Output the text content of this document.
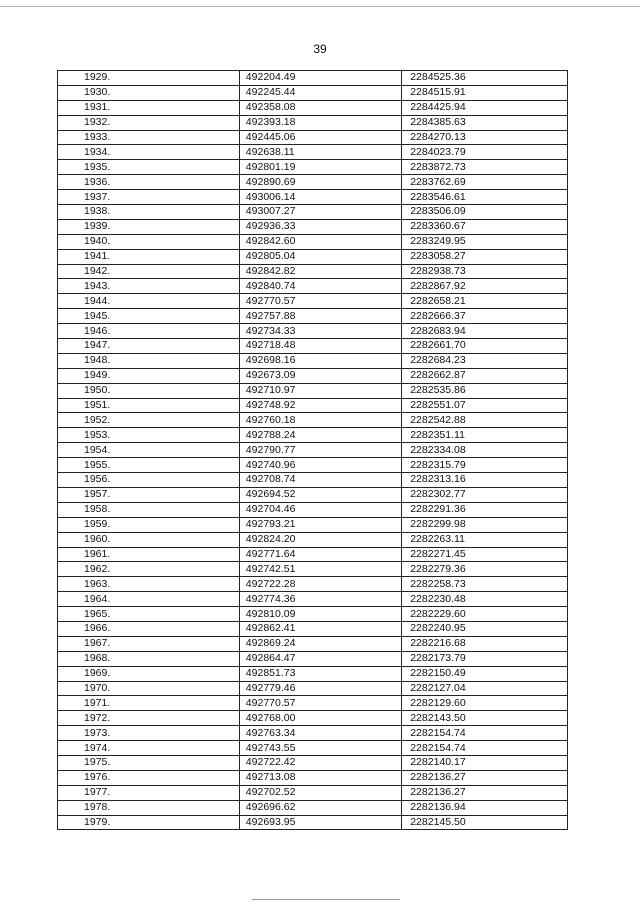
39
1929.	492204.49	2284525.36
1930.	492245.44	2284515.91
1931.	492358.08	2284425.94
1932.	492393.18	2284385.63
1933.	492445.06	2284270.13
1934.	492638.11	2284023.79
1935.	492801.19	2283872.73
1936.	492890.69	2283762.69
1937.	493006.14	2283546.61
1938.	493007.27	2283506.09
1939.	492936.33	2283360.67
1940.	492842.60	2283249.95
1941.	492805.04	2283058.27
1942.	492842.82	2282938.73
1943.	492840.74	2282867.92
1944.	492770.57	2282658.21
1945.	492757.88	2282666.37
1946.	492734.33	2282683.94
1947.	492718.48	2282661.70
1948.	492698.16	2282684.23
1949.	492673.09	2282662.87
1950.	492710.97	2282535.86
1951.	492748.92	2282551.07
1952.	492760.18	2282542.88
1953.	492788.24	2282351.11
1954.	492790.77	2282334.08
1955.	492740.96	2282315.79
1956.	492708.74	2282313.16
1957.	492694.52	2282302.77
1958.	492704.46	2282291.36
1959.	492793.21	2282299.98
1960.	492824.20	2282263.11
1961.	492771.64	2282271.45
1962.	492742.51	2282279.36
1963.	492722.28	2282258.73
1964.	492774.36	2282230.48
1965.	492810.09	2282229.60
1966.	492862.41	2282240.95
1967.	492869.24	2282216.68
1968.	492864.47	2282173.79
1969.	492851.73	2282150.49
1970.	492779.46	2282127.04
1971.	492770.57	2282129.60
1972.	492768.00	2282143.50
1973.	492763.34	2282154.74
1974.	492743.55	2282154.74
1975.	492722.42	2282140.17
1976.	492713.08	2282136.27
1977.	492702.52	2282136.27
1978.	492696.62	2282136.94
1979.	492693.95	2282145.50
